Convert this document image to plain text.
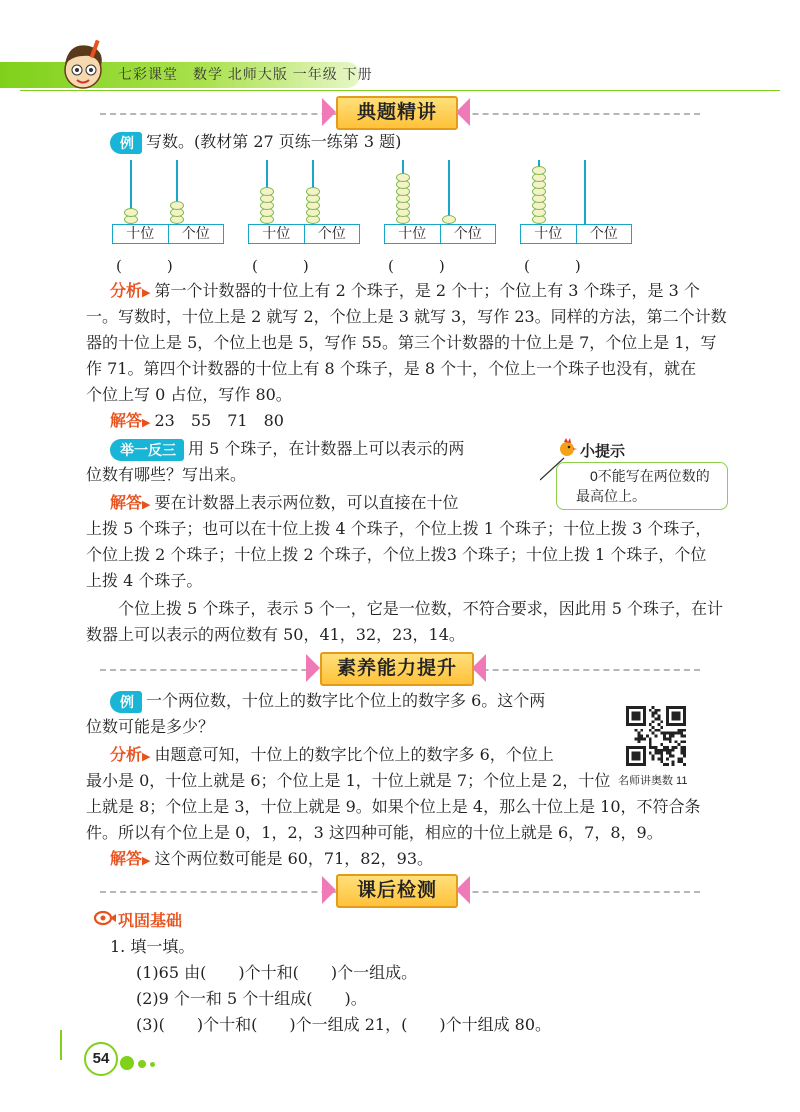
七彩课堂　数学 北师大版 一年级 下册
典题精讲
例 写数。(教材第 27 页练一练第 3 题)
十位	个位	十位	个位	十位	个位	十位	个位
(　　　)	(　　　)	(　　　)	(　　　)
分析▶ 第一个计数器的十位上有 2 个珠子，是 2 个十；个位上有 3 个珠子，是 3 个
一。写数时，十位上是 2 就写 2，个位上是 3 就写 3，写作 23。同样的方法，第二个计数
器的十位上是 5，个位上也是 5，写作 55。第三个计数器的十位上是 7，个位上是 1，写
作 71。第四个计数器的十位上有 8 个珠子，是 8 个十，个位上一个珠子也没有，就在
个位上写 0 占位，写作 80。
解答▶ 23　55　71　80
举一反三 用 5 个珠子，在计数器上可以表示的两
位数有哪些？写出来。
小提示
0不能写在两位数的
最高位上。
解答▶ 要在计数器上表示两位数，可以直接在十位
上拨 5 个珠子；也可以在十位上拨 4 个珠子，个位上拨 1 个珠子；十位上拨 3 个珠子，
个位上拨 2 个珠子；十位上拨 2 个珠子，个位上拨3 个珠子；十位上拨 1 个珠子，个位
上拨 4 个珠子。
个位上拨 5 个珠子，表示 5 个一，它是一位数，不符合要求，因此用 5 个珠子，在计
数器上可以表示的两位数有 50，41，32，23，14。
素养能力提升
例 一个两位数，十位上的数字比个位上的数字多 6。这个两
位数可能是多少？
分析▶ 由题意可知，十位上的数字比个位上的数字多 6，个位上
最小是 0，十位上就是 6；个位上是 1，十位上就是 7；个位上是 2，十位
上就是 8；个位上是 3，十位上就是 9。如果个位上是 4，那么十位上是 10，不符合条
件。所以有个位上是 0，1，2，3 这四种可能，相应的十位上就是 6，7，8，9。
解答▶ 这个两位数可能是 60，71，82，93。
名师讲奥数 11
课后检测
巩固基础
1. 填一填。
(1)65 由(　　)个十和(　　)个一组成。
(2)9 个一和 5 个十组成(　　)。
(3)(　　)个十和(　　)个一组成 21，(　　)个十组成 80。
54
